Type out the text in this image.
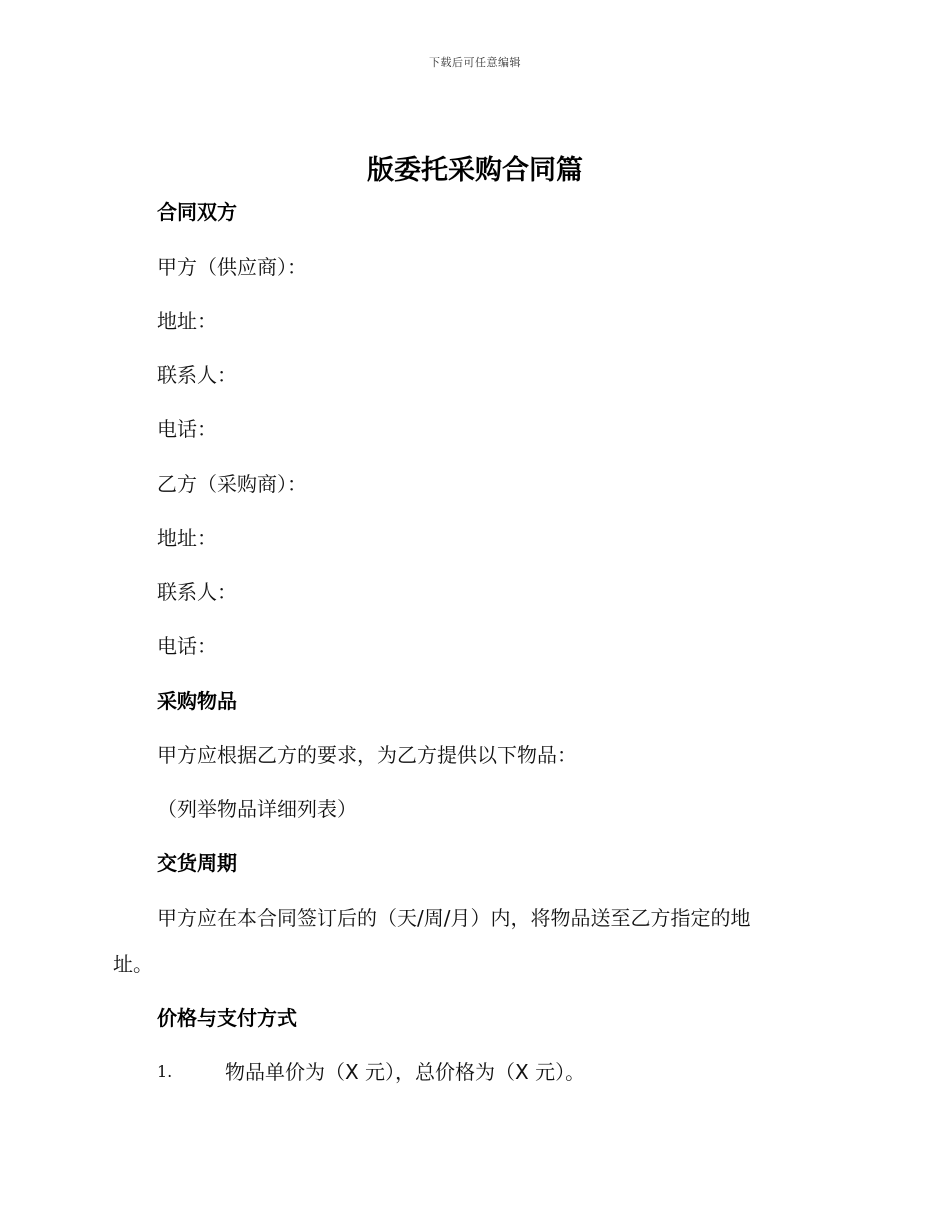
下载后可任意编辑
版委托采购合同篇
合同双方
甲方（供应商）：
地址：
联系人：
电话：
乙方（采购商）：
地址：
联系人：
电话：
采购物品
甲方应根据乙方的要求，为乙方提供以下物品：
（列举物品详细列表）
交货周期
甲方应在本合同签订后的（天/周/月）内，将物品送至乙方指定的地
址。
价格与支付方式
1.	物品单价为（X 元），总价格为（X 元）。
